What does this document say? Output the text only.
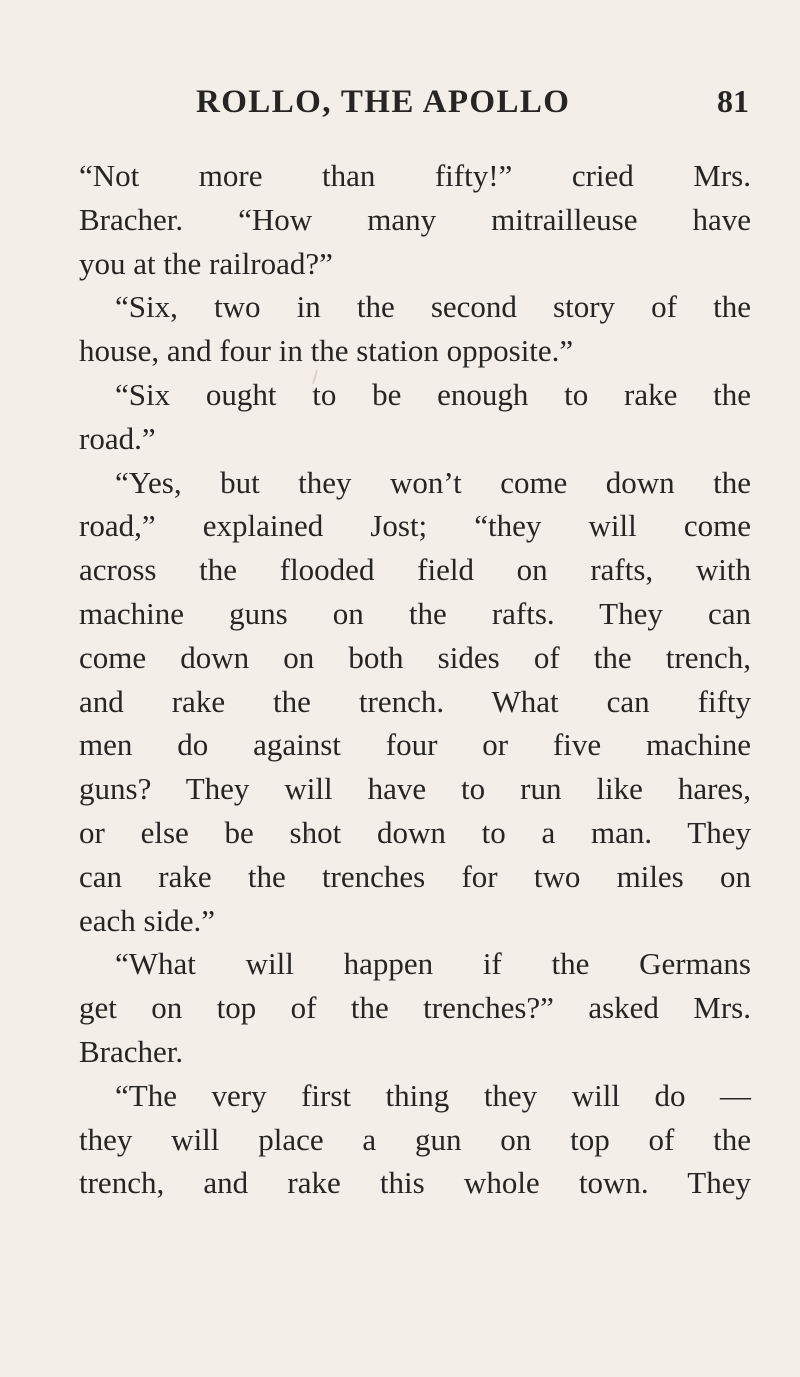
ROLLO, THE APOLLO	81
“Not more than fifty!” cried Mrs.
Bracher. “How many mitrailleuse have
you at the railroad?”
“Six, two in the second story of the
house, and four in the station opposite.”
“Six ought to be enough to rake the
road.”
“Yes, but they won’t come down the
road,” explained Jost; “they will come
across the flooded field on rafts, with
machine guns on the rafts. They can
come down on both sides of the trench,
and rake the trench. What can fifty
men do against four or five machine
guns? They will have to run like hares,
or else be shot down to a man. They
can rake the trenches for two miles on
each side.”
“What will happen if the Germans
get on top of the trenches?” asked Mrs.
Bracher.
“The very first thing they will do —
they will place a gun on top of the
trench, and rake this whole town. They
